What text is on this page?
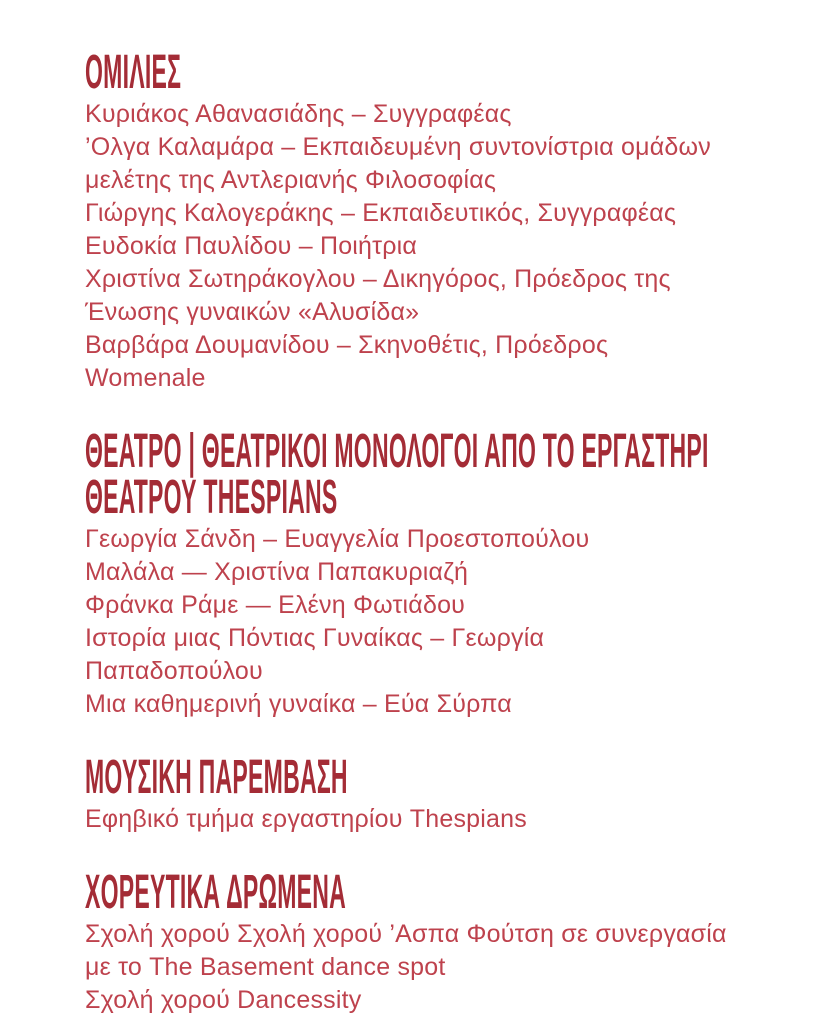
ΟΜΙΛΙΕΣ
Κυριάκος Αθανασιάδης – Συγγραφέας
’Ολγα Καλαμάρα – Εκπαιδευμένη συντονίστρια ομάδων
μελέτης της Αντλεριανής Φιλοσοφίας
Γιώργης Καλογεράκης – Εκπαιδευτικός, Συγγραφέας
Ευδοκία Παυλίδου – Ποιήτρια
Χριστίνα Σωτηράκογλου – Δικηγόρος, Πρόεδρος της
Ένωσης γυναικών «Αλυσίδα»
Βαρβάρα Δουμανίδου – Σκηνοθέτις, Πρόεδρος
Womenale
ΘΕΑΤΡΟ | ΘΕΑΤΡΙΚΟΙ ΜΟΝΟΛΟΓΟΙ ΑΠΟ ΤΟ ΕΡΓΑΣΤΗΡΙ
ΘΕΑΤΡΟΥ THESPIANS
Γεωργία Σάνδη – Ευαγγελία Προεστοπούλου
Μαλάλα — Χριστίνα Παπακυριαζή
Φράνκα Ράμε — Ελένη Φωτιάδου
Ιστορία μιας Πόντιας Γυναίκας – Γεωργία
Παπαδοπούλου
Μια καθημερινή γυναίκα – Εύα Σύρπα
ΜΟΥΣΙΚΗ ΠΑΡΕΜΒΑΣΗ
Εφηβικό τμήμα εργαστηρίου Thespians
ΧΟΡΕΥΤΙΚΑ ΔΡΩΜΕΝΑ
Σχολή χορού Σχολή χορού ’Ασπα Φούτση σε συνεργασία
με το The Basement dance spot
Σχολή χορού Dancessity
